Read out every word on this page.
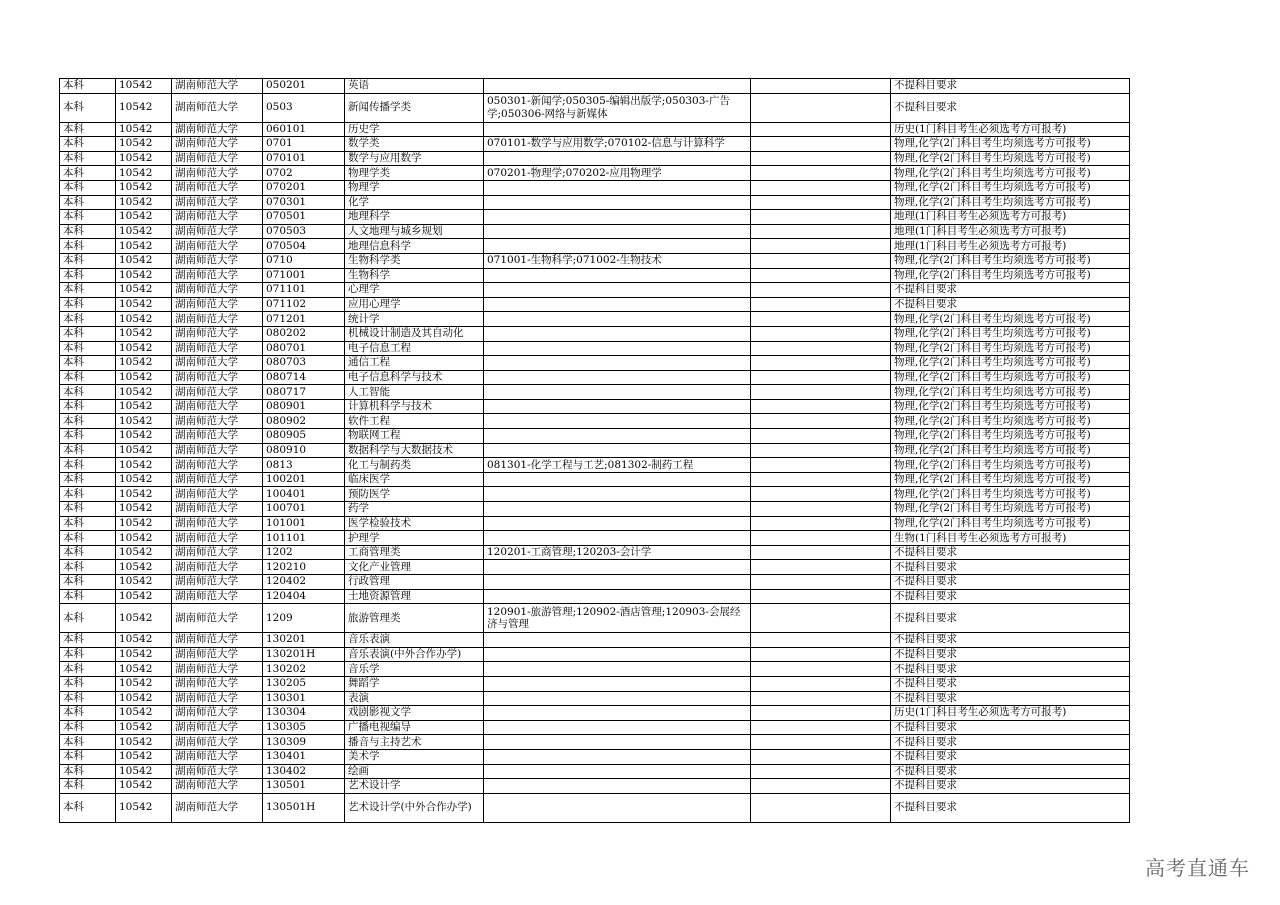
本科	10542	湖南师范大学	050201	英语			不提科目要求
本科	10542	湖南师范大学	0503	新闻传播学类	050301-新闻学;050305-编辑出版学;050303-广告学;050306-网络与新媒体		不提科目要求
本科	10542	湖南师范大学	060101	历史学			历史(1门科目考生必须选考方可报考)
本科	10542	湖南师范大学	0701	数学类	070101-数学与应用数学;070102-信息与计算科学		物理,化学(2门科目考生均须选考方可报考)
本科	10542	湖南师范大学	070101	数学与应用数学			物理,化学(2门科目考生均须选考方可报考)
本科	10542	湖南师范大学	0702	物理学类	070201-物理学;070202-应用物理学		物理,化学(2门科目考生均须选考方可报考)
本科	10542	湖南师范大学	070201	物理学			物理,化学(2门科目考生均须选考方可报考)
本科	10542	湖南师范大学	070301	化学			物理,化学(2门科目考生均须选考方可报考)
本科	10542	湖南师范大学	070501	地理科学			地理(1门科目考生必须选考方可报考)
本科	10542	湖南师范大学	070503	人文地理与城乡规划			地理(1门科目考生必须选考方可报考)
本科	10542	湖南师范大学	070504	地理信息科学			地理(1门科目考生必须选考方可报考)
本科	10542	湖南师范大学	0710	生物科学类	071001-生物科学;071002-生物技术		物理,化学(2门科目考生均须选考方可报考)
本科	10542	湖南师范大学	071001	生物科学			物理,化学(2门科目考生均须选考方可报考)
本科	10542	湖南师范大学	071101	心理学			不提科目要求
本科	10542	湖南师范大学	071102	应用心理学			不提科目要求
本科	10542	湖南师范大学	071201	统计学			物理,化学(2门科目考生均须选考方可报考)
本科	10542	湖南师范大学	080202	机械设计制造及其自动化			物理,化学(2门科目考生均须选考方可报考)
本科	10542	湖南师范大学	080701	电子信息工程			物理,化学(2门科目考生均须选考方可报考)
本科	10542	湖南师范大学	080703	通信工程			物理,化学(2门科目考生均须选考方可报考)
本科	10542	湖南师范大学	080714	电子信息科学与技术			物理,化学(2门科目考生均须选考方可报考)
本科	10542	湖南师范大学	080717	人工智能			物理,化学(2门科目考生均须选考方可报考)
本科	10542	湖南师范大学	080901	计算机科学与技术			物理,化学(2门科目考生均须选考方可报考)
本科	10542	湖南师范大学	080902	软件工程			物理,化学(2门科目考生均须选考方可报考)
本科	10542	湖南师范大学	080905	物联网工程			物理,化学(2门科目考生均须选考方可报考)
本科	10542	湖南师范大学	080910	数据科学与大数据技术			物理,化学(2门科目考生均须选考方可报考)
本科	10542	湖南师范大学	0813	化工与制药类	081301-化学工程与工艺;081302-制药工程		物理,化学(2门科目考生均须选考方可报考)
本科	10542	湖南师范大学	100201	临床医学			物理,化学(2门科目考生均须选考方可报考)
本科	10542	湖南师范大学	100401	预防医学			物理,化学(2门科目考生均须选考方可报考)
本科	10542	湖南师范大学	100701	药学			物理,化学(2门科目考生均须选考方可报考)
本科	10542	湖南师范大学	101001	医学检验技术			物理,化学(2门科目考生均须选考方可报考)
本科	10542	湖南师范大学	101101	护理学			生物(1门科目考生必须选考方可报考)
本科	10542	湖南师范大学	1202	工商管理类	120201-工商管理;120203-会计学		不提科目要求
本科	10542	湖南师范大学	120210	文化产业管理			不提科目要求
本科	10542	湖南师范大学	120402	行政管理			不提科目要求
本科	10542	湖南师范大学	120404	土地资源管理			不提科目要求
本科	10542	湖南师范大学	1209	旅游管理类	120901-旅游管理;120902-酒店管理;120903-会展经济与管理		不提科目要求
本科	10542	湖南师范大学	130201	音乐表演			不提科目要求
本科	10542	湖南师范大学	130201H	音乐表演(中外合作办学)			不提科目要求
本科	10542	湖南师范大学	130202	音乐学			不提科目要求
本科	10542	湖南师范大学	130205	舞蹈学			不提科目要求
本科	10542	湖南师范大学	130301	表演			不提科目要求
本科	10542	湖南师范大学	130304	戏剧影视文学			历史(1门科目考生必须选考方可报考)
本科	10542	湖南师范大学	130305	广播电视编导			不提科目要求
本科	10542	湖南师范大学	130309	播音与主持艺术			不提科目要求
本科	10542	湖南师范大学	130401	美术学			不提科目要求
本科	10542	湖南师范大学	130402	绘画			不提科目要求
本科	10542	湖南师范大学	130501	艺术设计学			不提科目要求
本科	10542	湖南师范大学	130501H	艺术设计学(中外合作办学)			不提科目要求
高考直通车
